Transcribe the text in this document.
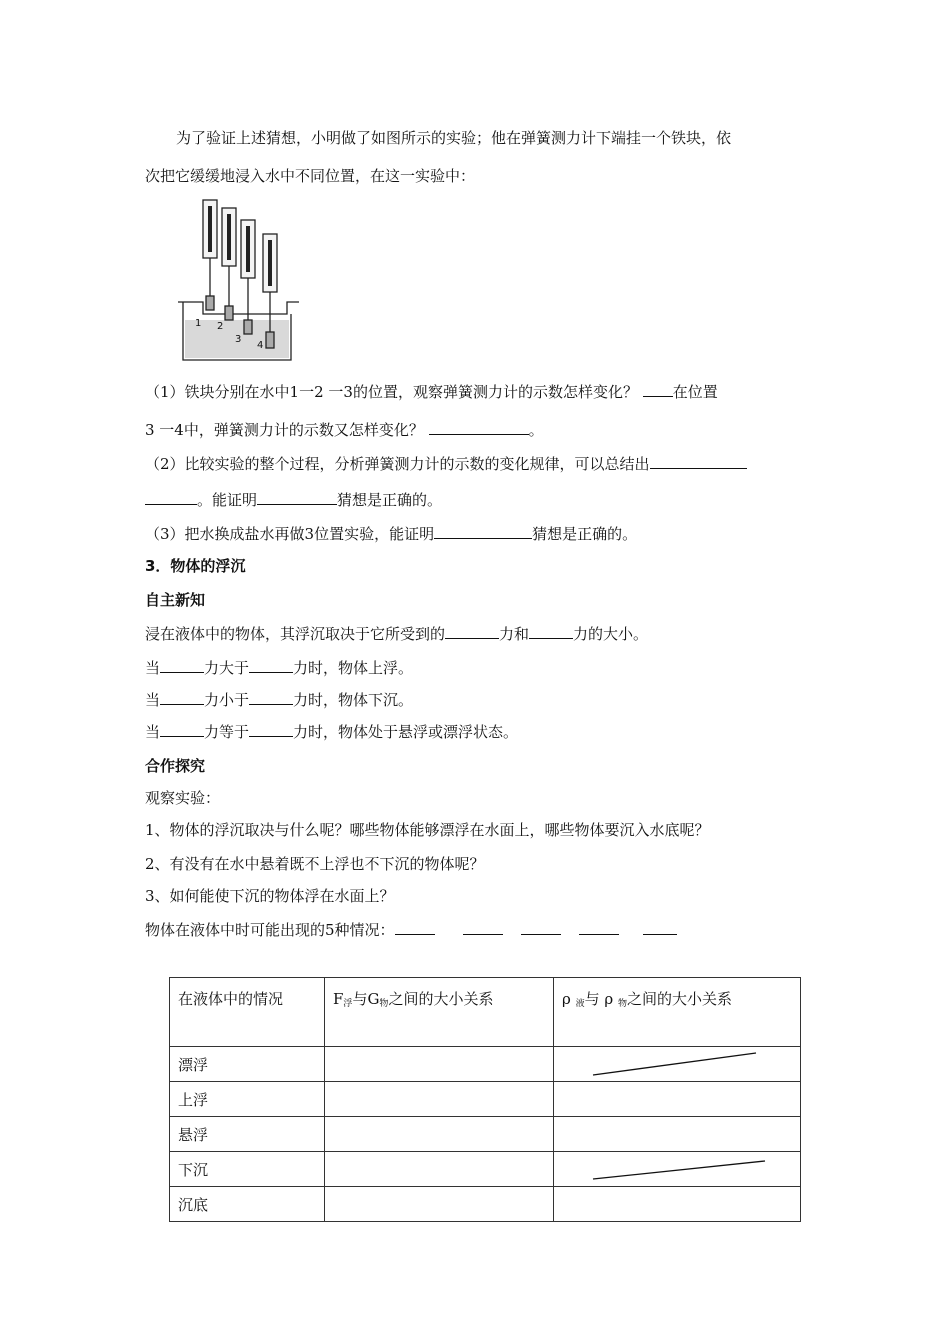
为了验证上述猜想，小明做了如图所示的实验；他在弹簧测力计下端挂一个铁块，依
次把它缓缓地浸入水中不同位置，在这一实验中：
1 2
3
4
（1）铁块分别在水中1一2 一3的位置，观察弹簧测力计的示数怎样变化？ 在位置
3 一4中，弹簧测力计的示数又怎样变化？	。
（2）比较实验的整个过程，分析弹簧测力计的示数的变化规律，可以总结出
。能证明	猜想是正确的。
（3）把水换成盐水再做3位置实验，能证明	猜想是正确的。
3．物体的浮沉
自主新知
浸在液体中的物体，其浮沉取决于它所受到的	力和	力的大小。
当	力大于	力时，物体上浮。
当	力小于	力时，物体下沉。
当	力等于	力时，物体处于悬浮或漂浮状态。
合作探究
观察实验：
1、物体的浮沉取决与什么呢？哪些物体能够漂浮在水面上，哪些物体要沉入水底呢？
2、有没有在水中悬着既不上浮也不下沉的物体呢？
3、如何能使下沉的物体浮在水面上？
物体在液体中时可能出现的5种情况：
在液体中的情况	$F_浮$与$G_物$之间的大小关系	ρ $_液$与 ρ $_物$之间的大小关系
漂浮		
上浮		
悬浮		
下沉		
沉底		
